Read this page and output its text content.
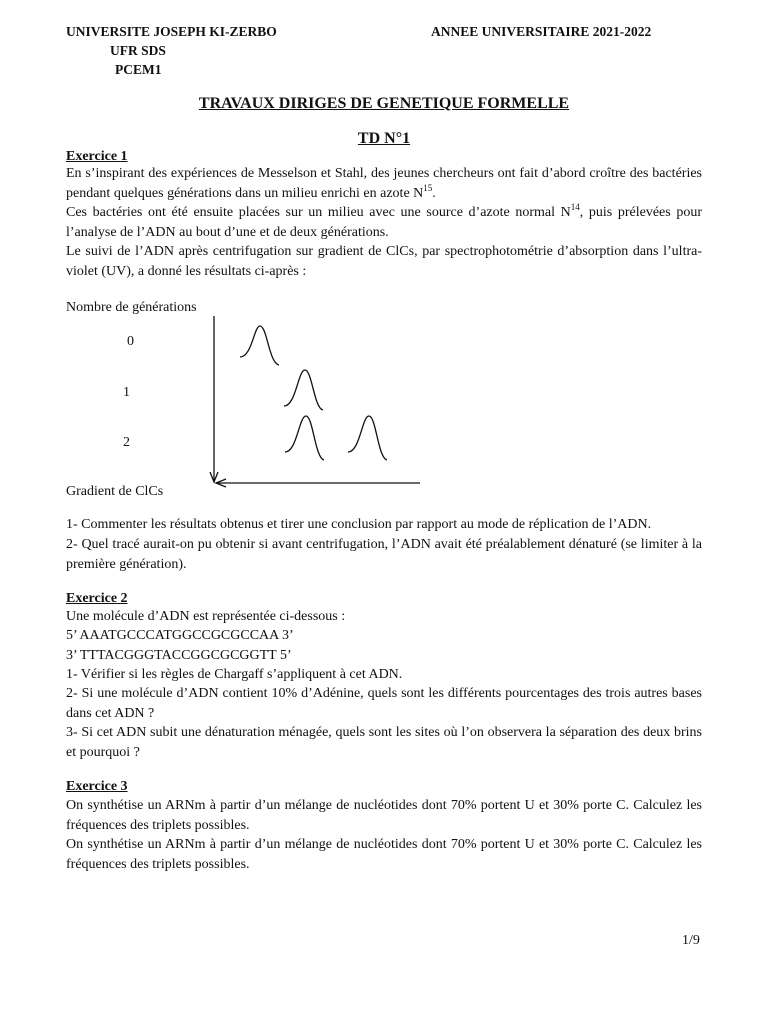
UNIVERSITE JOSEPH KI-ZERBO	ANNEE UNIVERSITAIRE 2021-2022
UFR SDS
PCEM1
TRAVAUX DIRIGES DE GENETIQUE FORMELLE
TD N°1
Exercice 1
En s’inspirant des expériences de Messelson et Stahl, des jeunes chercheurs ont fait d’abord croître des bactéries pendant quelques générations dans un milieu enrichi en azote $N^{15}$.
Ces bactéries ont été ensuite placées sur un milieu avec une source d’azote normal $N^{14}$, puis prélevées pour l’analyse de l’ADN au bout d’une et de deux générations.
Le suivi de l’ADN après centrifugation sur gradient de ClCs, par spectrophotométrie d’absorption dans l’ultra-violet (UV), a donné les résultats ci-après :
Nombre de générations
0
1
2
Gradient de ClCs
1- Commenter les résultats obtenus et tirer une conclusion par rapport au mode de réplication de l’ADN.
2- Quel tracé aurait-on pu obtenir si avant centrifugation, l’ADN avait été préalablement dénaturé (se limiter à la première génération).
Exercice 2
Une molécule d’ADN est représentée ci-dessous :
5’ AAATGCCCATGGCCGCGCCAA 3’
3’ TTTACGGGTACCGGCGCGGTT 5’
1- Vérifier si les règles de Chargaff s’appliquent à cet ADN.
2- Si une molécule d’ADN contient 10% d’Adénine, quels sont les différents pourcentages des trois autres bases dans cet ADN ?
3- Si cet ADN subit une dénaturation ménagée, quels sont les sites où l’on observera la séparation des deux brins et pourquoi ?
Exercice 3
On synthétise un ARNm à partir d’un mélange de nucléotides dont 70% portent U et 30% porte C. Calculez les fréquences des triplets possibles.
On synthétise un ARNm à partir d’un mélange de nucléotides dont 70% portent U et 30% porte C. Calculez les fréquences des triplets possibles.
1/9
